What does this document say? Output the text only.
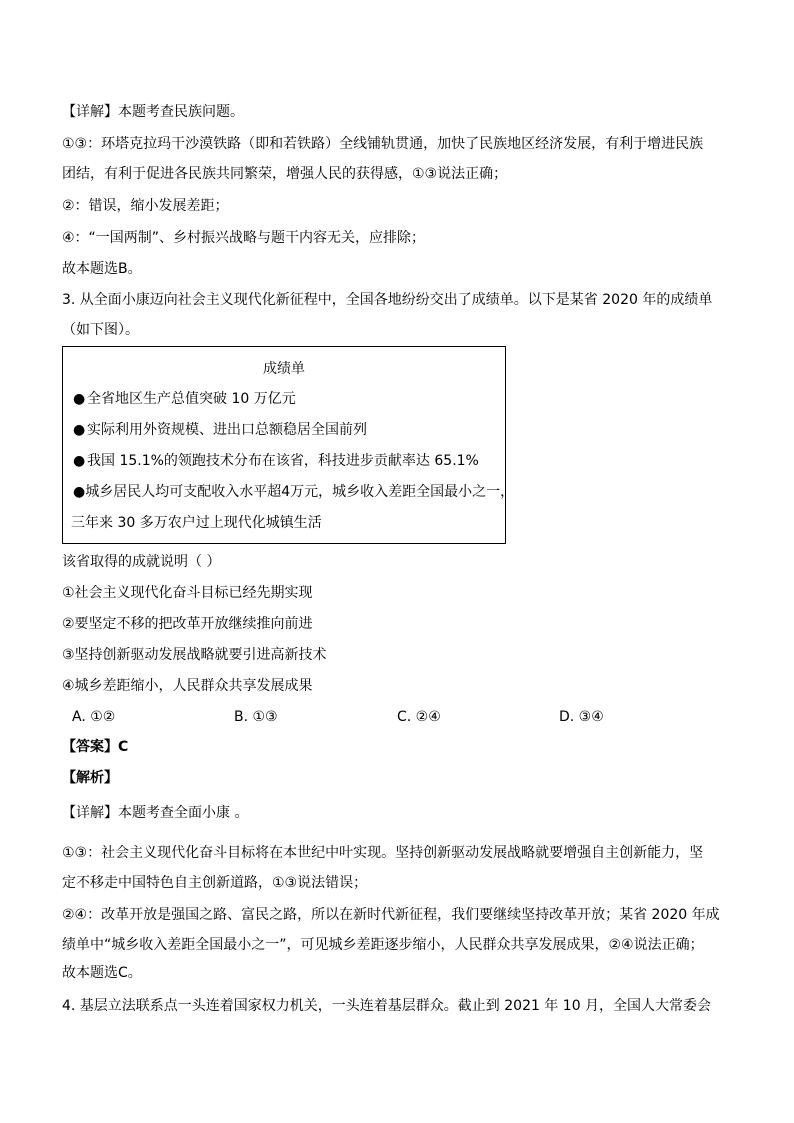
【详解】本题考查民族问题。
①③：环塔克拉玛干沙漠铁路（即和若铁路）全线铺轨贯通，加快了民族地区经济发展，有利于增进民族
团结，有利于促进各民族共同繁荣，增强人民的获得感，①③说法正确；
②：错误，缩小发展差距；
④：“一国两制”、乡村振兴战略与题干内容无关，应排除；
故本题选B。
3. 从全面小康迈向社会主义现代化新征程中，全国各地纷纷交出了成绩单。以下是某省 2020 年的成绩单
（如下图）。
成绩单
● 全省地区生产总值突破 10 万亿元
● 实际利用外资规模、进出口总额稳居全国前列
● 我国 15.1%的领跑技术分布在该省，科技进步贡献率达 65.1%
●城乡居民人均可支配收入水平超4万元，城乡收入差距全国最小之一，
三年来 30 多万农户过上现代化城镇生活
该省取得的成就说明（ ）
①社会主义现代化奋斗目标已经先期实现
②要坚定不移的把改革开放继续推向前进
③坚持创新驱动发展战略就要引进高新技术
④城乡差距缩小，人民群众共享发展成果
A. ①②	B. ①③	C. ②④	D. ③④
【答案】C
【解析】
【详解】本题考查全面小康 。
①③：社会主义现代化奋斗目标将在本世纪中叶实现。坚持创新驱动发展战略就要增强自主创新能力，坚
定不移走中国特色自主创新道路，①③说法错误；
②④：改革开放是强国之路、富民之路，所以在新时代新征程，我们要继续坚持改革开放；某省 2020 年成
绩单中“城乡收入差距全国最小之一”，可见城乡差距逐步缩小，人民群众共享发展成果，②④说法正确；
故本题选C。
4. 基层立法联系点一头连着国家权力机关，一头连着基层群众。截止到 2021 年 10 月，全国人大常委会
